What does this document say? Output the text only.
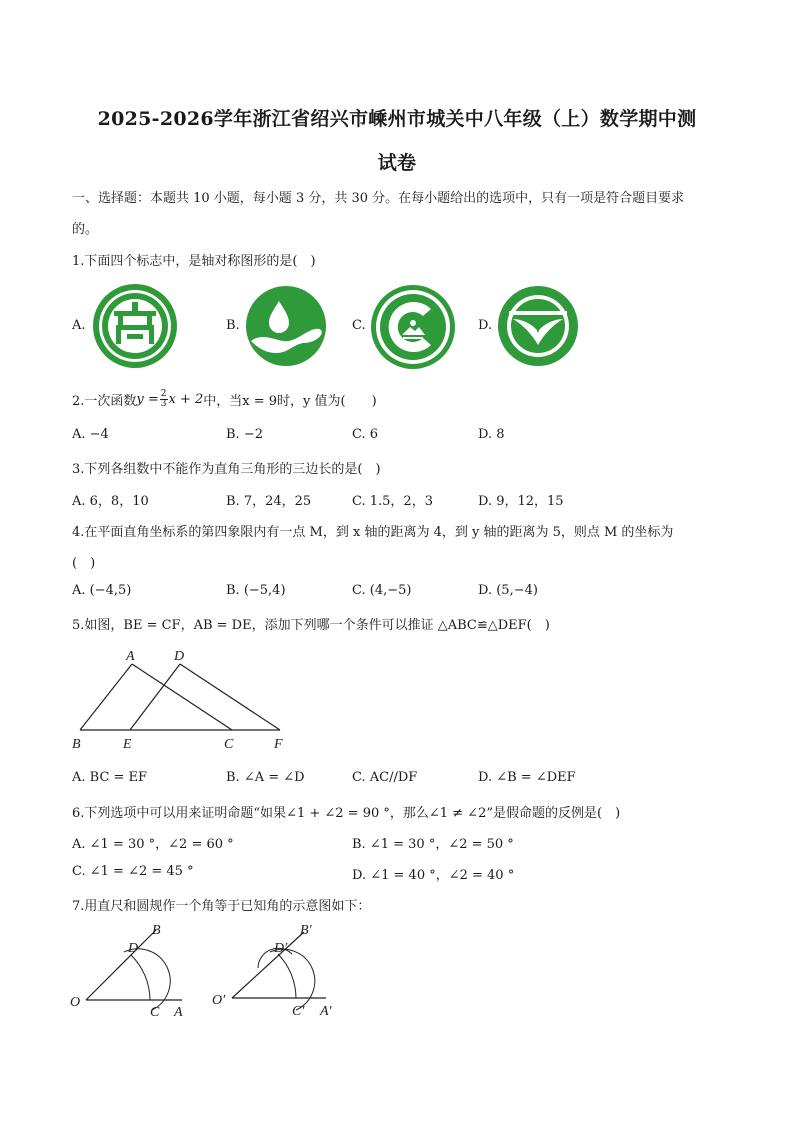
2025-2026学年浙江省绍兴市嵊州市城关中八年级（上）数学期中测
试卷
一、选择题：本题共 10 小题，每小题 3 分，共 30 分。在每小题给出的选项中，只有一项是符合题目要求
的。
1.下面四个标志中，是轴对称图形的是(　)
A.	B.	C.	D.
2.一次函数 $y = \frac{2}{3}$ x + 2 中，当x = 9时，y 值为(　　)
A. −4	B. −2	C. 6	D. 8
3.下列各组数中不能作为直角三角形的三边长的是(　)
A. 6，8，10	B. 7，24，25	C. 1.5，2，3	D. 9，12，15
4.在平面直角坐标系的第四象限内有一点 M，到 x 轴的距离为 4，到 y 轴的距离为 5，则点 M 的坐标为
(　)
A. (−4,5)	B. (−5,4)	C. (4,−5)	D. (5,−4)
5.如图，BE = CF，AB = DE，添加下列哪一个条件可以推证 △ABC≌△DEF(　)
A	D
B	E	C	F
A. BC = EF	B. ∠A = ∠D	C. AC//DF	D. ∠B = ∠DEF
6.下列选项中可以用来证明命题“如果∠1 + ∠2 = 90 °，那么∠1 ≠ ∠2”是假命题的反例是(　)
A. ∠1 = 30 °，∠2 = 60 °	B. ∠1 = 30 °，∠2 = 50 °
C. ∠1 = ∠2 = 45 °	D. ∠1 = 40 °，∠2 = 40 °
7.用直尺和圆规作一个角等于已知角的示意图如下：
B
D
O
C A
B′
D′
O′
C′ A′
